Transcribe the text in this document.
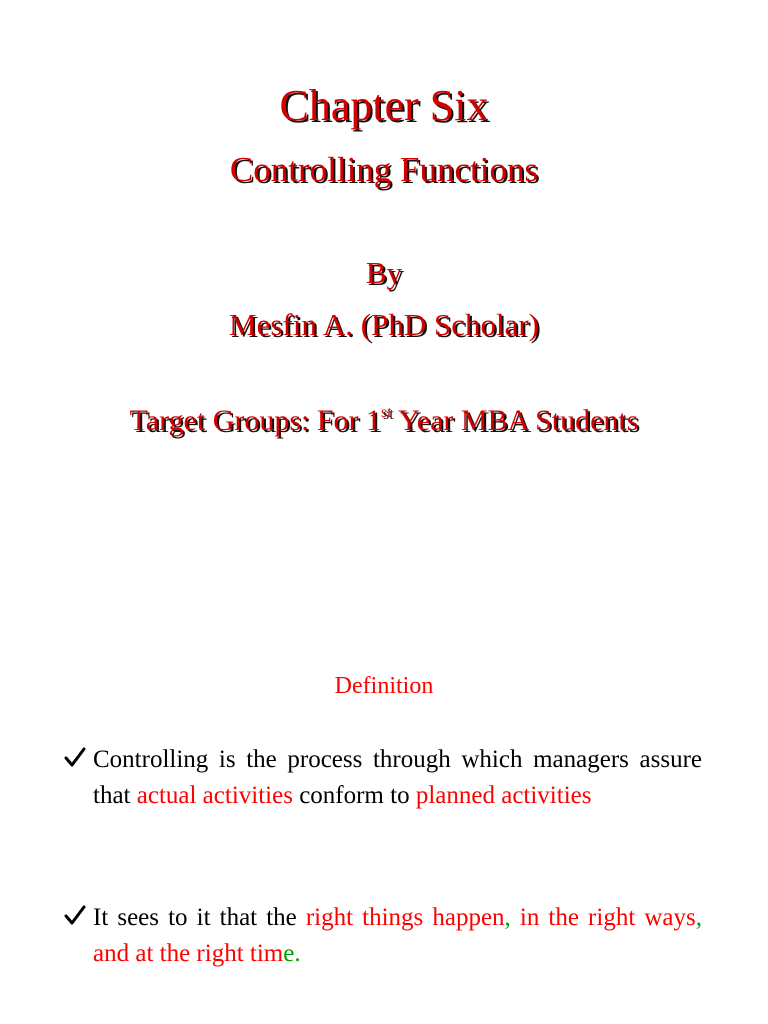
Chapter Six
Controlling Functions
By
Mesfin A. (PhD Scholar)
Target Groups: For 1st Year MBA Students
Definition
Controlling is the process through which managers assure that actual activities conform to planned activities
It sees to it that the right things happen, in the right ways, and at the right time.
